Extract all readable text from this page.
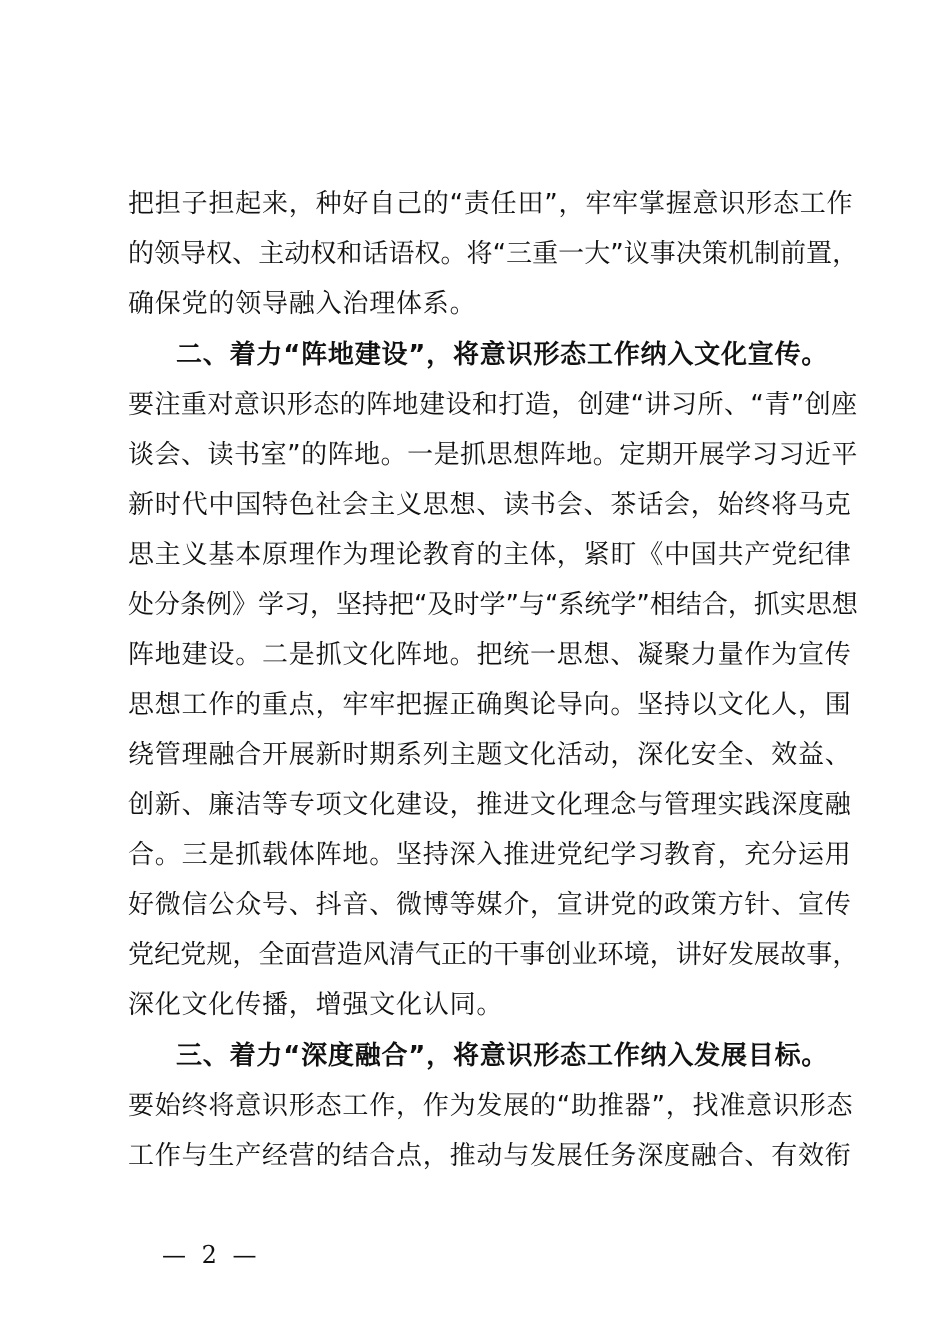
把担子担起来，种好自己的“责任田”，牢牢掌握意识形态工作
的领导权、主动权和话语权。将“三重一大”议事决策机制前置，
确保党的领导融入治理体系。
二、着力“阵地建设”，将意识形态工作纳入文化宣传。
要注重对意识形态的阵地建设和打造，创建“讲习所、“青”创座
谈会、读书室”的阵地。一是抓思想阵地。定期开展学习习近平
新时代中国特色社会主义思想、读书会、茶话会，始终将马克
思主义基本原理作为理论教育的主体，紧盯《中国共产党纪律
处分条例》学习，坚持把“及时学”与“系统学”相结合，抓实思想
阵地建设。二是抓文化阵地。把统一思想、凝聚力量作为宣传
思想工作的重点，牢牢把握正确舆论导向。坚持以文化人，围
绕管理融合开展新时期系列主题文化活动，深化安全、效益、
创新、廉洁等专项文化建设，推进文化理念与管理实践深度融
合。三是抓载体阵地。坚持深入推进党纪学习教育，充分运用
好微信公众号、抖音、微博等媒介，宣讲党的政策方针、宣传
党纪党规，全面营造风清气正的干事创业环境，讲好发展故事，
深化文化传播，增强文化认同。
三、着力“深度融合”，将意识形态工作纳入发展目标。
要始终将意识形态工作，作为发展的“助推器”，找准意识形态
工作与生产经营的结合点，推动与发展任务深度融合、有效衔
— 2 —
